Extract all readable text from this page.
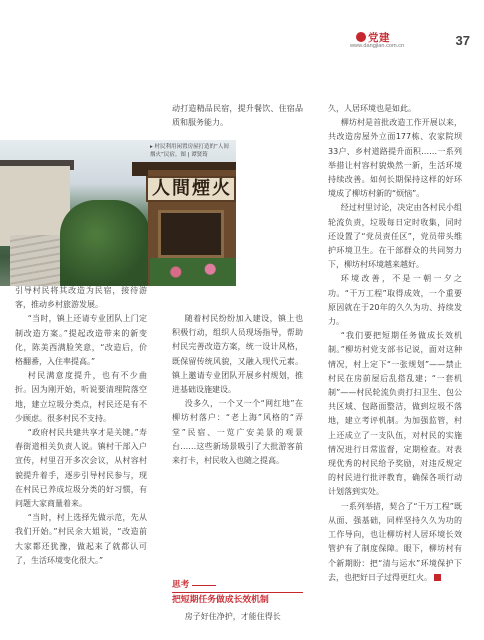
党建
www.dangjian.com.cn	37
人間煙火
▸ 村民利用闲置房屋打造的“人间烟火”民宿。图 | 谭贤筠

引导村民将其改造为民宿，接待游客，推动乡村旅游发展。

“当时，镇上还请专业团队上门定制改造方案。”提起改造带来的新变化，陈美西满脸笑意，“改造后，价格翻番，入住率提高。”

村民满意度提升，也有不少曲折。因为刚开始，听说要清理院落空地，建立垃圾分类点，村民还是有不少顾虑。很多村民不支持。

“政府村民共建共享才是关键。”寿春街道相关负责人说。镇村干部入户宣传，村里召开多次会议，从村容村貌提升着手，逐步引导村民参与，现在村民已养成垃圾分类的好习惯，有问题大家商量着来。

“当时，村上选择先做示范，先从我们开始。”村民余大姐说，“改造前大家都还犹豫，做起来了就都认可了，生活环境变化很大。”

动打造精品民宿，提升餐饮、住宿品质和服务能力。

随着村民纷纷加入建设，镇上也积极行动，组织人员现场指导，帮助村民完善改造方案，统一设计风格，既保留传统风貌，又融入现代元素。镇上邀请专业团队开展乡村规划，推进基础设施建设。

没多久，一个又一个“网红地”在柳坊村落户：“老上海”风格的“弄堂”民宿、一览广安美景的观景台……这些新场景吸引了大批游客前来打卡，村民收入也随之提高。

思考
把短期任务做成长效机制

房子好住净护，才能住得长

久，人居环境也是如此。

柳坊村是首批改造工作开展以来，共改造房屋外立面177栋、农家院坝33户、乡村道路提升面积……一系列举措让村容村貌焕然一新，生活环境持续改善。如何长期保持这样的好环境成了柳坊村新的“烦恼”。

经过村里讨论，决定由各村民小组轮流负责，垃圾每日定时收集，同时还设置了“党员责任区”，党员带头维护环境卫生。在干部群众的共同努力下，柳坊村环境越来越好。

环境改善，不是一朝一夕之功。“干万工程”取得成效，一个重要原因就在于20年的久久为功、持续发力。

“我们要把短期任务做成长效机制。”柳坊村党支部书记说，面对这种情况，村上定下“一张规划”——禁止村民在房前屋后乱搭乱建；“一套机制”——村民轮流负责打扫卫生、包公共区域、包路面整洁，做到垃圾不落地，建立考评机制。为加强监管，村上还成立了一支队伍，对村民的实施情况进行日常监督，定期检查。对表现优秀的村民给予奖励，对违反规定的村民进行批评教育，确保各项行动计划落到实处。

一系列举措，契合了“干万工程”既从面、强基础，同样坚持久久为功的工作导向，也让柳坊村人居环境长效管护有了制度保障。眼下，柳坊村有个新期盼：把“清与运水”环境保护下去，也把好日子过得更红火。
